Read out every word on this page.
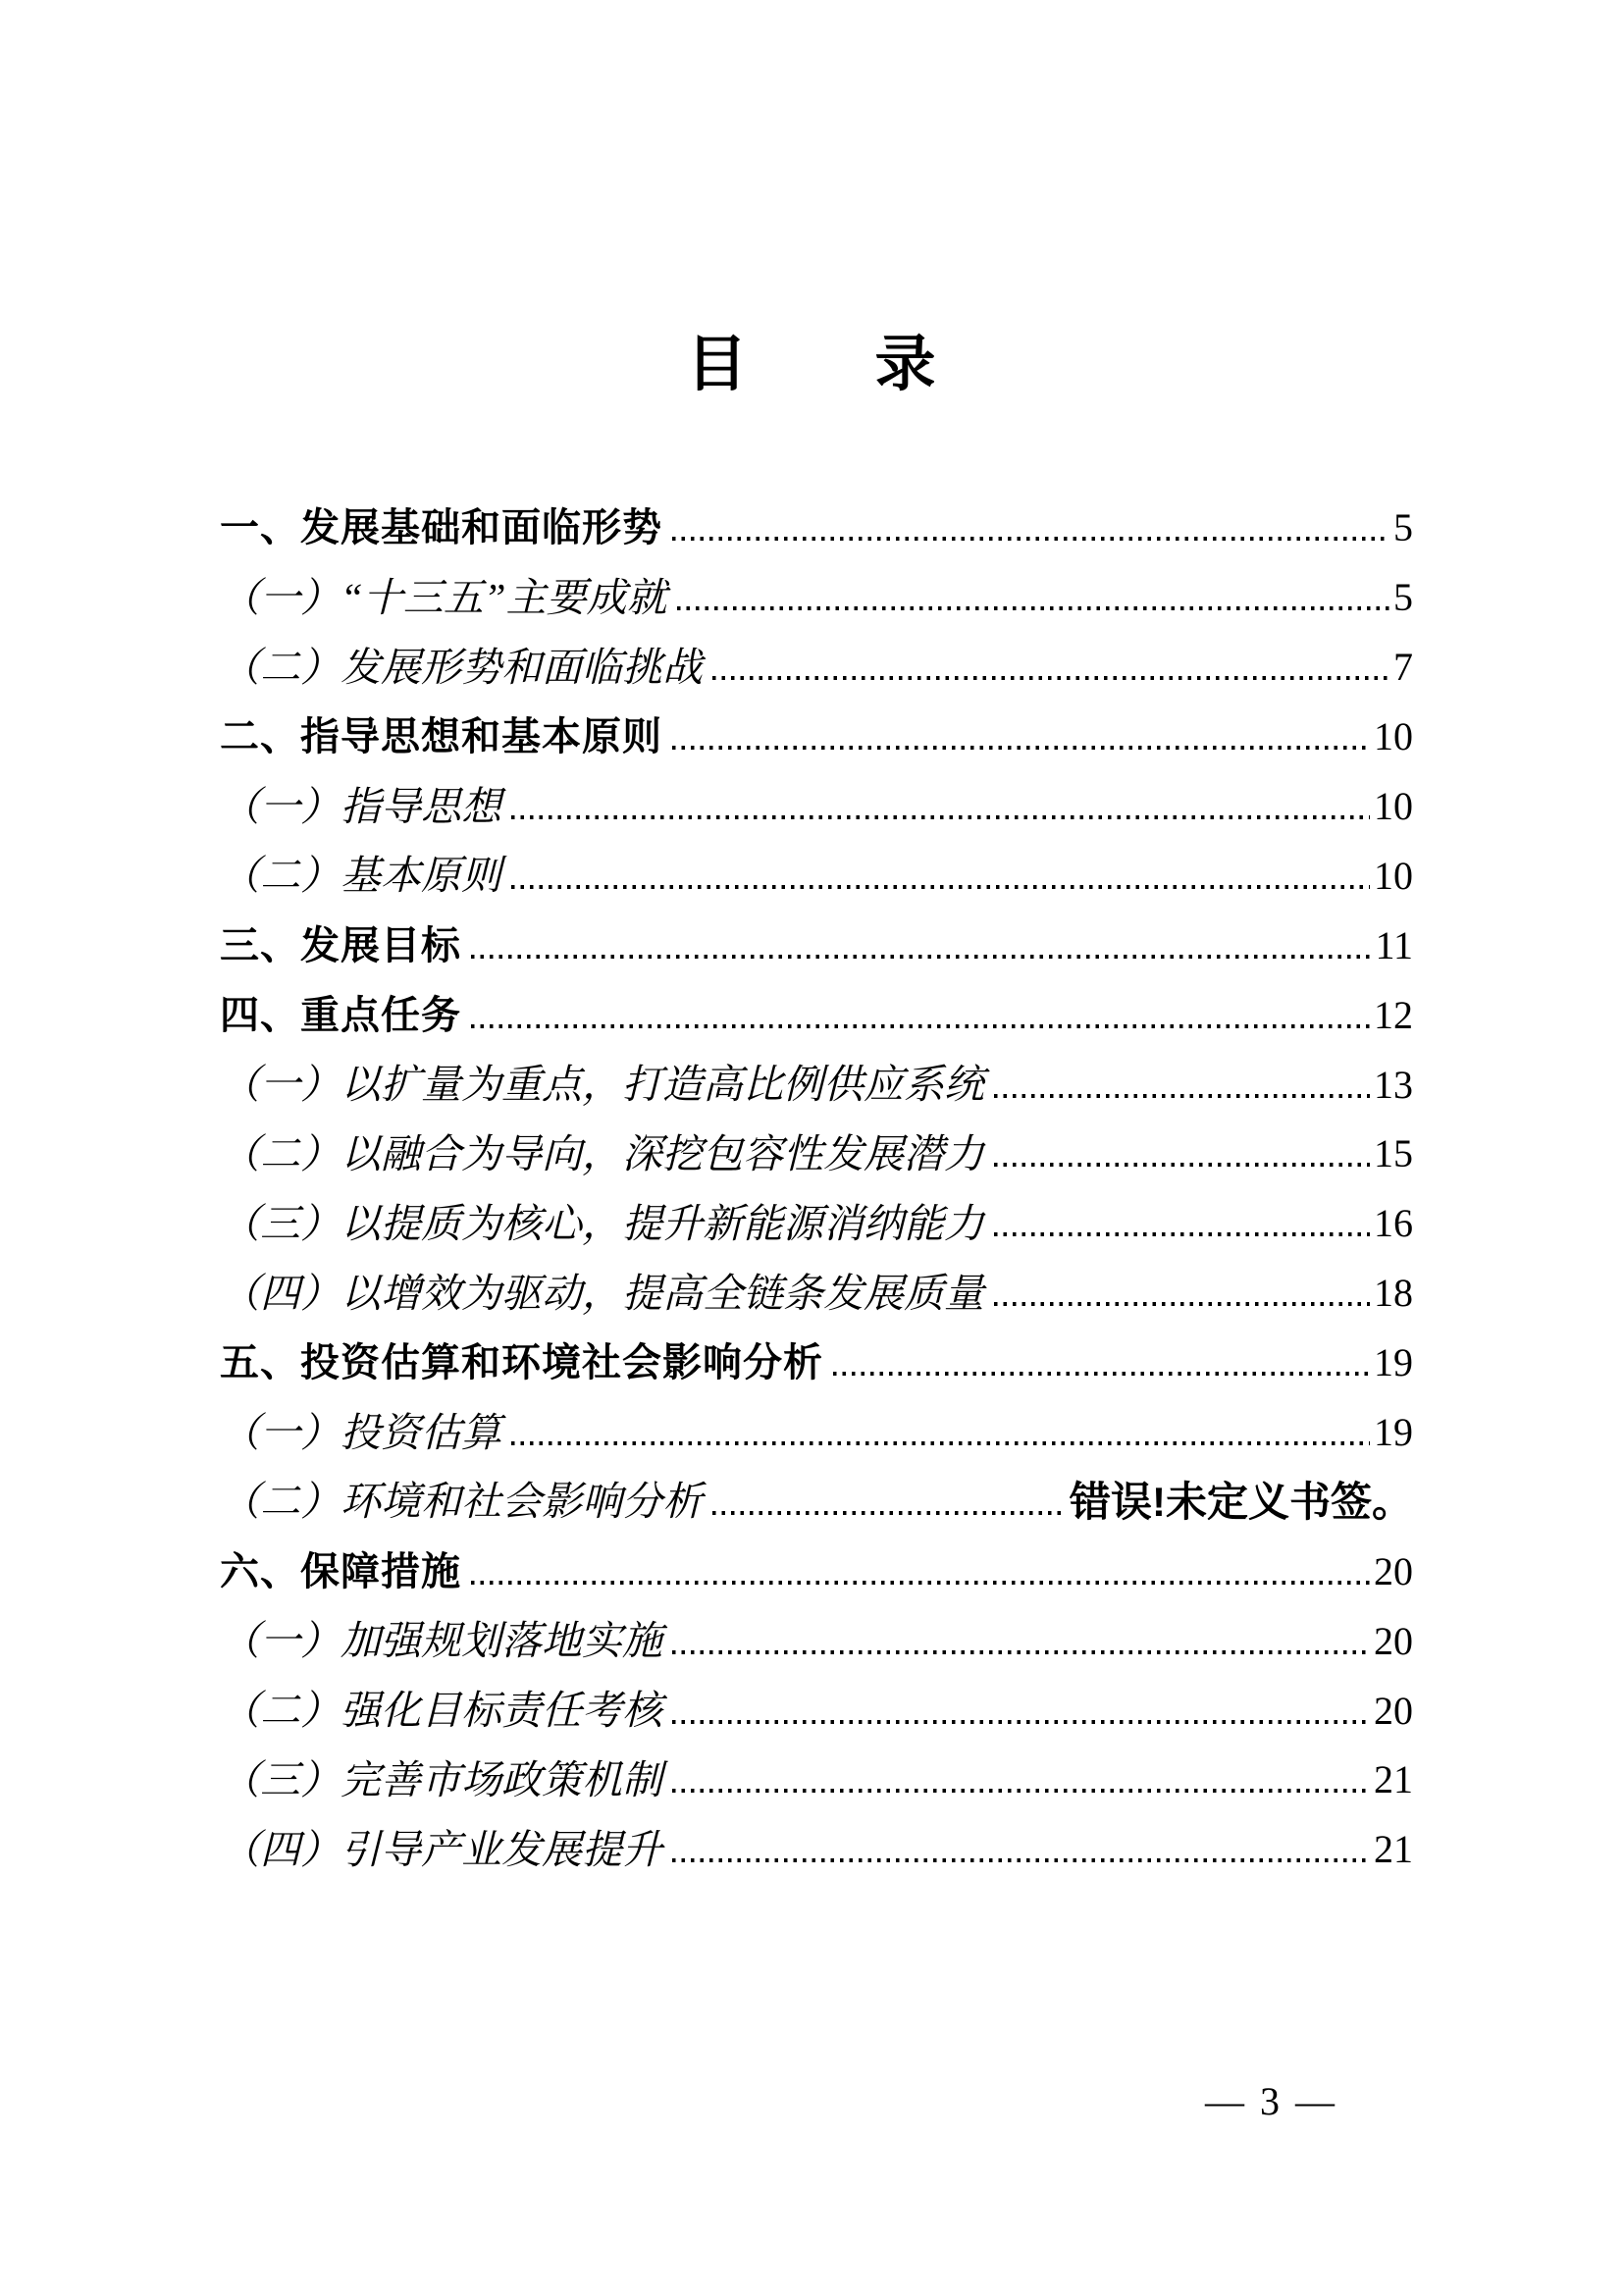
目　　录
一、发展基础和面临形势	5
（一）“十三五”主要成就	5
（二）发展形势和面临挑战	7
二、指导思想和基本原则	10
（一）指导思想	10
（二）基本原则	10
三、发展目标	11
四、重点任务	12
（一）以扩量为重点，打造高比例供应系统	13
（二）以融合为导向，深挖包容性发展潜力	15
（三）以提质为核心，提升新能源消纳能力	16
（四）以增效为驱动，提高全链条发展质量	18
五、投资估算和环境社会影响分析	19
（一）投资估算	19
（二）环境和社会影响分析	错误!未定义书签。
六、保障措施	20
（一）加强规划落地实施	20
（二）强化目标责任考核	20
（三）完善市场政策机制	21
（四）引导产业发展提升	21
— 3 —
